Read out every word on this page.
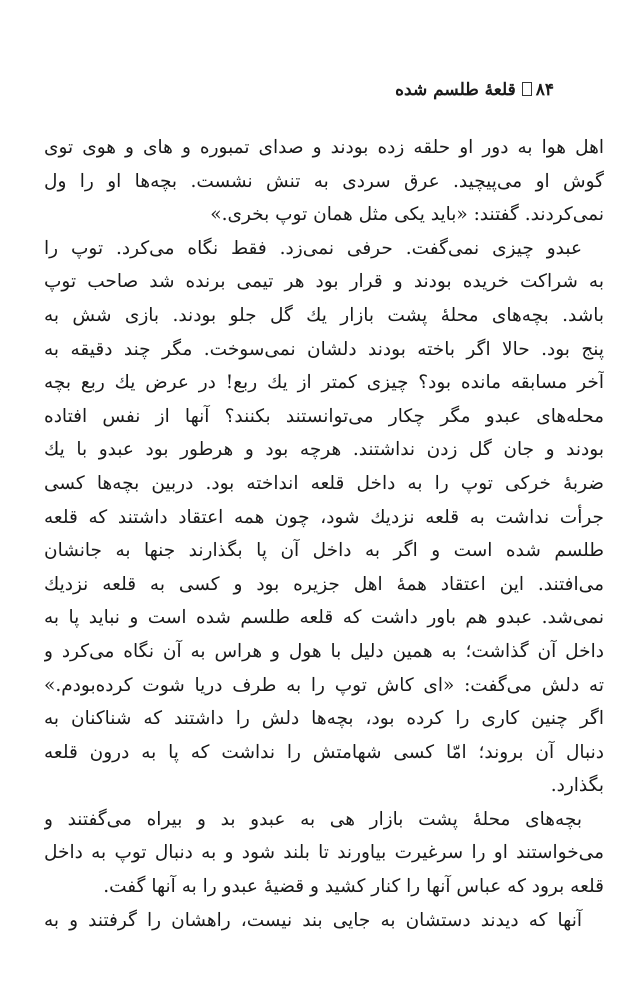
۸۴قلعهٔ طلسم شده
اهل هوا به دور او حلقه زده بودند و صدای تمبوره و های و هوی توی
گوش او می‌پیچید. عرق سردی به تنش نشست. بچه‌ها او را ول
نمی‌کردند. گفتند: «باید یکی مثل همان توپ بخری.»
عبدو چیزی نمی‌گفت. حرفی نمی‌زد. فقط نگاه می‌کرد. توپ را
به شراکت خریده بودند و قرار بود هر تیمی برنده شد صاحب توپ
باشد. بچه‌های محلهٔ پشت بازار یك گل جلو بودند. بازی شش به
پنج بود. حالا اگر باخته بودند دلشان نمی‌سوخت. مگر چند دقیقه به
آخر مسابقه مانده بود؟ چیزی کمتر از یك ربع! در عرض یك ربع بچه
محله‌های عبدو مگر چکار می‌توانستند بکنند؟ آنها از نفس افتاده
بودند و جان گل زدن نداشتند. هرچه بود و هرطور بود عبدو با یك
ضربهٔ خرکی توپ را به داخل قلعه انداخته بود. دربین بچه‌ها کسی
جرأت نداشت به قلعه نزدیك شود، چون همه اعتقاد داشتند که قلعه
طلسم شده است و اگر به داخل آن پا بگذارند جنها به جانشان
می‌افتند. این اعتقاد همهٔ اهل جزیره بود و کسی به قلعه نزدیك
نمی‌شد. عبدو هم باور داشت که قلعه طلسم شده است و نباید پا به
داخل آن گذاشت؛ به همین دلیل با هول و هراس به آن نگاه می‌کرد و
ته دلش می‌گفت: «ای کاش توپ را به طرف دریا شوت کرده‌بودم.»
اگر چنین کاری را کرده بود، بچه‌ها دلش را داشتند که شناکنان به
دنبال آن بروند؛ امّا کسی شهامتش را نداشت که پا به درون قلعه
بگذارد.
بچه‌های محلهٔ پشت بازار هی به عبدو بد و بیراه می‌گفتند و
می‌خواستند او را سرغیرت بیاورند تا بلند شود و به دنبال توپ به داخل
قلعه برود که عباس آنها را کنار کشید و قضیهٔ عبدو را به آنها گفت.
آنها که دیدند دستشان به جایی بند نیست، راهشان را گرفتند و به
